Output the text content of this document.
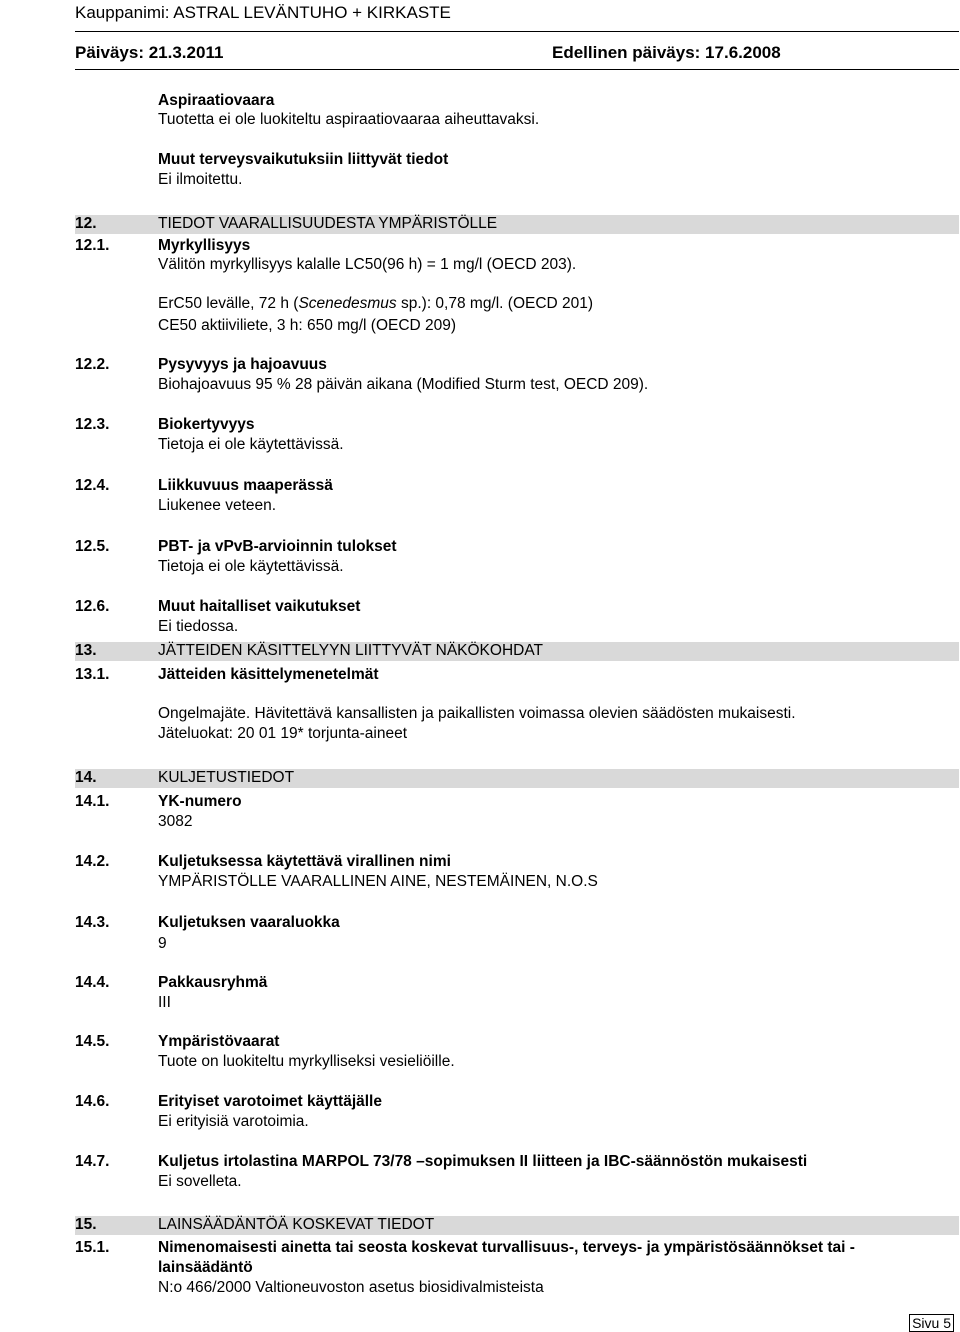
Kauppanimi: ASTRAL LEVÄNTUHO + KIRKASTE
Päiväys: 21.3.2011	Edellinen päiväys: 17.6.2008
Aspiraatiovaara
Tuotetta ei ole luokiteltu aspiraatiovaaraa aiheuttavaksi.
Muut terveysvaikutuksiin liittyvät tiedot
Ei ilmoitettu.
12.	TIEDOT VAARALLISUUDESTA YMPÄRISTÖLLE
12.1.	Myrkyllisyys
Välitön myrkyllisyys kalalle LC50(96 h) = 1 mg/l (OECD 203).
ErC50 levälle, 72 h (Scenedesmus sp.): 0,78 mg/l. (OECD 201)
CE50 aktiiviliete, 3 h: 650 mg/l (OECD 209)
12.2.	Pysyvyys ja hajoavuus
Biohajoavuus 95 % 28 päivän aikana (Modified Sturm test, OECD 209).
12.3.	Biokertyvyys
Tietoja ei ole käytettävissä.
12.4.	Liikkuvuus maaperässä
Liukenee veteen.
12.5.	PBT- ja vPvB-arvioinnin tulokset
Tietoja ei ole käytettävissä.
12.6.	Muut haitalliset vaikutukset
Ei tiedossa.
13.	JÄTTEIDEN KÄSITTELYYN LIITTYVÄT NÄKÖKOHDAT
13.1.	Jätteiden käsittelymenetelmät
Ongelmajäte. Hävitettävä kansallisten ja paikallisten voimassa olevien säädösten mukaisesti.
Jäteluokat: 20 01 19* torjunta-aineet
14.	KULJETUSTIEDOT
14.1.	YK-numero
3082
14.2.	Kuljetuksessa käytettävä virallinen nimi
YMPÄRISTÖLLE VAARALLINEN AINE, NESTEMÄINEN, N.O.S
14.3.	Kuljetuksen vaaraluokka
9
14.4.	Pakkausryhmä
III
14.5.	Ympäristövaarat
Tuote on luokiteltu myrkylliseksi vesieliöille.
14.6.	Erityiset varotoimet käyttäjälle
Ei erityisiä varotoimia.
14.7.	Kuljetus irtolastina MARPOL 73/78 –sopimuksen II liitteen ja IBC-säännöstön mukaisesti
Ei sovelleta.
15.	LAINSÄÄDÄNTÖÄ KOSKEVAT TIEDOT
15.1.	Nimenomaisesti ainetta tai seosta koskevat turvallisuus-, terveys- ja ympäristösäännökset tai -
lainsäädäntö
N:o 466/2000 Valtioneuvoston asetus biosidivalmisteista
Sivu 5
